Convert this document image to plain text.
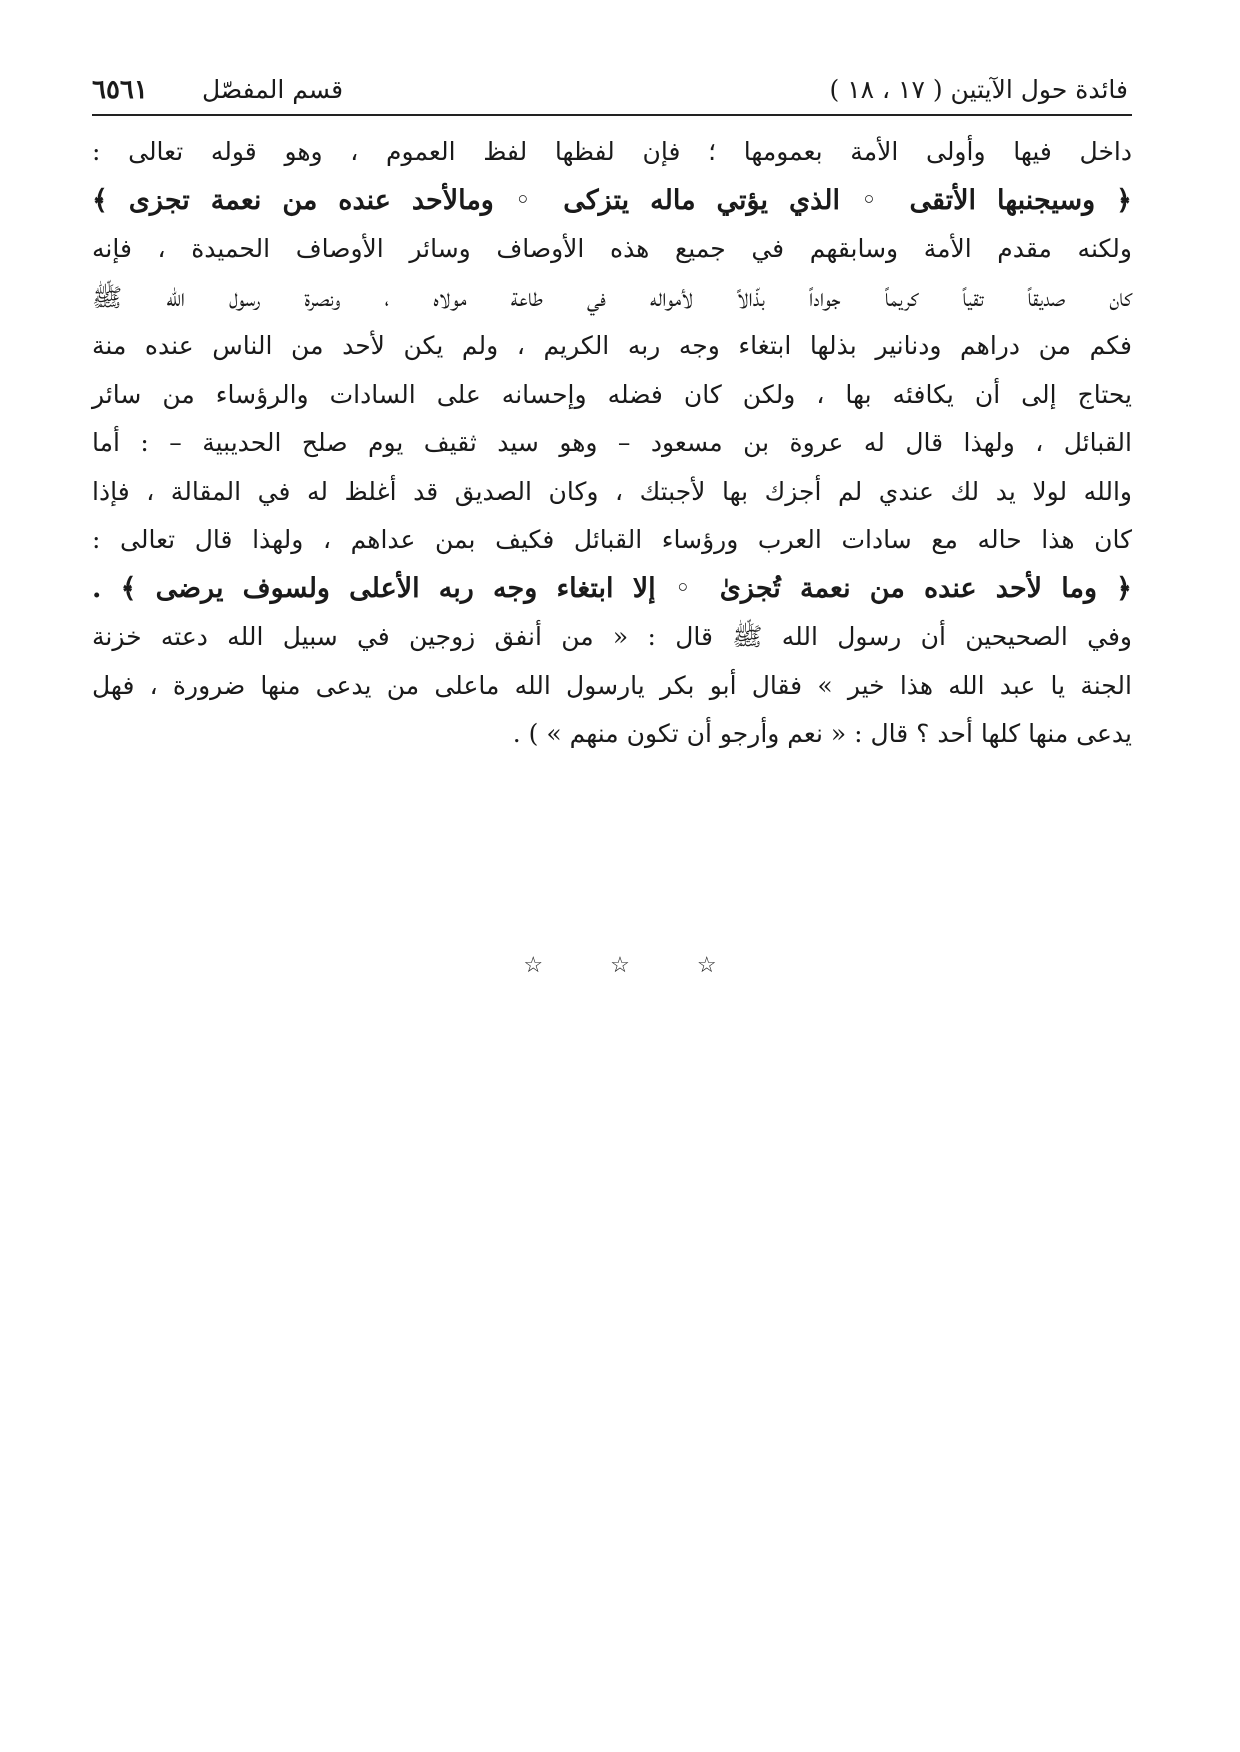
فائدة حول الآيتين ( ١٧ ، ١٨ )
قسم المفصّل
٦٥٦١

داخل فيها وأولى الأمة بعمومها ؛ فإن لفظها لفظ العموم ، وهو قوله تعالى :

﴿ وسيجنبها الأتقى ◦ الذي يؤتي ماله يتزكى ◦ ومالأحد عنده من نعمة تجزى ﴾

ولكنه مقدم الأمة وسابقهم في جميع هذه الأوصاف وسائر الأوصاف الحميدة ، فإنه

كان صديقاً تقياً كريماً جواداً بذّالاً لأمواله في طاعة مولاه ، ونصرة رسول الله ﷺ

فكم من دراهم ودنانير بذلها ابتغاء وجه ربه الكريم ، ولم يكن لأحد من الناس عنده منة

يحتاج إلى أن يكافئه بها ، ولكن كان فضله وإحسانه على السادات والرؤساء من سائر

القبائل ، ولهذا قال له عروة بن مسعود – وهو سيد ثقيف يوم صلح الحديبية – : أما

والله لولا يد لك عندي لم أجزك بها لأجبتك ، وكان الصديق قد أغلظ له في المقالة ، فإذا

كان هذا حاله مع سادات العرب ورؤساء القبائل فكيف بمن عداهم ، ولهذا قال تعالى :

﴿ وما لأحد عنده من نعمة تُجزىٰ ◦ إلا ابتغاء وجه ربه الأعلى ولسوف يرضى ﴾ .

وفي الصحيحين أن رسول الله ﷺ قال : « من أنفق زوجين في سبيل الله دعته خزنة

الجنة يا عبد الله هذا خير » فقال أبو بكر يارسول الله ماعلى من يدعى منها ضرورة ، فهل

يدعى منها كلها أحد ؟ قال : « نعم وأرجو أن تكون منهم » ) .

☆ ☆ ☆
